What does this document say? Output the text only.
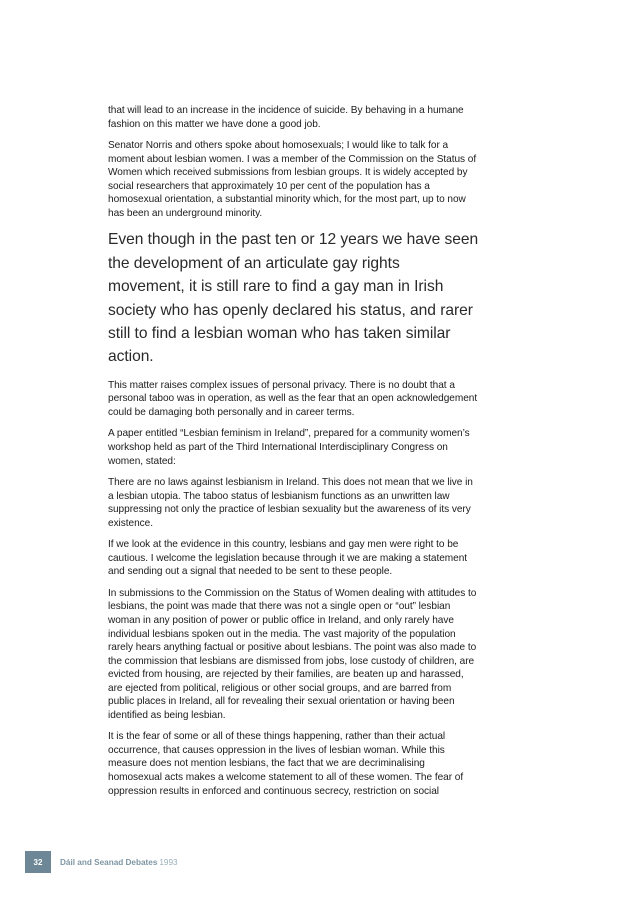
that will lead to an increase in the incidence of suicide. By behaving in a humane fashion on this matter we have done a good job.

Senator Norris and others spoke about homosexuals; I would like to talk for a moment about lesbian women. I was a member of the Commission on the Status of Women which received submissions from lesbian groups. It is widely accepted by social researchers that approximately 10 per cent of the population has a homosexual orientation, a substantial minority which, for the most part, up to now has been an underground minority.

Even though in the past ten or 12 years we have seen the development of an articulate gay rights movement, it is still rare to find a gay man in Irish society who has openly declared his status, and rarer still to find a lesbian woman who has taken similar action.

This matter raises complex issues of personal privacy. There is no doubt that a personal taboo was in operation, as well as the fear that an open acknowledgement could be damaging both personally and in career terms.

A paper entitled “Lesbian feminism in Ireland”, prepared for a community women’s workshop held as part of the Third International Interdisciplinary Congress on women, stated:

There are no laws against lesbianism in Ireland. This does not mean that we live in a lesbian utopia. The taboo status of lesbianism functions as an unwritten law suppressing not only the practice of lesbian sexuality but the awareness of its very existence.

If we look at the evidence in this country, lesbians and gay men were right to be cautious. I welcome the legislation because through it we are making a statement and sending out a signal that needed to be sent to these people.

In submissions to the Commission on the Status of Women dealing with attitudes to lesbians, the point was made that there was not a single open or “out” lesbian woman in any position of power or public office in Ireland, and only rarely have individual lesbians spoken out in the media. The vast majority of the population rarely hears anything factual or positive about lesbians. The point was also made to the commission that lesbians are dismissed from jobs, lose custody of children, are evicted from housing, are rejected by their families, are beaten up and harassed, are ejected from political, religious or other social groups, and are barred from public places in Ireland, all for revealing their sexual orientation or having been identified as being lesbian.

It is the fear of some or all of these things happening, rather than their actual occurrence, that causes oppression in the lives of lesbian woman. While this measure does not mention lesbians, the fact that we are decriminalising homosexual acts makes a welcome statement to all of these women. The fear of oppression results in enforced and continuous secrecy, restriction on social

32	Dáil and Seanad Debates 1993
